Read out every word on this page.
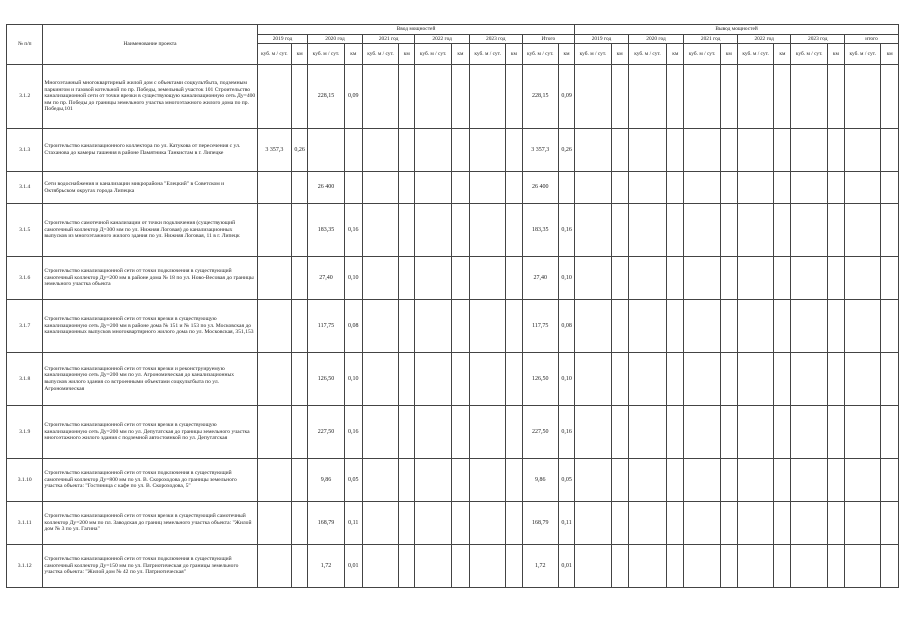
№ п/п	Наименование проекта	Ввод мощностей												Вывод мощностей											
		2019 год		2020 год		2021 год		2022 год		2023 год		Итого		2019 год		2020 год		2021 год		2022 год		2023 год		итого	
		куб. м / сут.	км	куб. м / сут.	км	куб. м / сут.	км	куб. м / сут.	км	куб. м / сут.	км	куб. м / сут.	км	куб. м / сут.	км	куб. м / сут.	км	куб. м / сут.	км	куб. м / сут.	км	куб. м / сут.	км	куб. м / сут.	км
3.1.2	Многоэтажный многоквартирный жилой дом с объектами соцкультбыта, подземным паркингом и газовой котельной по пр. Победы, земельный участок 101 Строительство канализационной сети от точки врезки в существующую канализационную сеть Ду=400 мм по пр. Победы до границы земельного участка многоэтажного жилого дома по пр. Победы,101			228,15	0,09							228,15	0,09												
3.1.3	Строительство канализационного коллектора по ул. Катукова от пересечения с ул. Стаханова до камеры гашения в районе Памятника Танкистам в г. Липецке	3 357,3	0,26									3 357,3	0,26												
3.1.4	Сети водоснабжения и канализации микрорайона "Елецкий" в Советском и Октябрьском округах города Липецка			26 400								26 400													
3.1.5	Строительство самотечной канализации от точки подключения (существующий самотечный коллектор Д=300 мм по ул. Нижняя Логовая) до канализационных выпусков из многоэтажного жилого здания по ул. Нижняя Логовая, 11 в г. Липецк			183,35	0,16							183,35	0,16												
3.1.6	Строительство канализационной сети от точки подключения в существующий самотечный коллектор Ду=200 мм в районе дома № 18 по ул. Ново-Весовая до границы земельного участка объекта			27,40	0,10							27,40	0,10												
3.1.7	Строительство канализационной сети от точки врезки в существующую канализационную сеть Ду=200 мм в районе дома № 151 и № 153 по ул. Московская до канализационных выпусков многоквартирного жилого дома по ул. Московская, 351,153			117,75	0,08							117,75	0,08												
3.1.8	Строительство канализационной сети от точки врезки и реконструируемую канализационную сеть Ду=200 мм по ул. Агрономическая до канализационных выпусков жилого здания со встроенными объектами соцкультбыта по ул. Агрономическая			126,50	0,10							126,50	0,10												
3.1.9	Строительство канализационной сети от точки врезки в существующую канализационную сеть Ду=200 мм по ул. Депутатская до границы земельного участка многоэтажного жилого здания с подземной автостоянкой по ул. Депутатская			227,50	0,16							227,50	0,16												
3.1.10	Строительство канализационной сети от точки подключения в существующий самотечный коллектор Ду=800 мм по ул. В. Скороходова до границы земельного участка объекта: "Гостиница с кафе по ул. В. Скороходова, 5"			9,86	0,05							9,86	0,05												
3.1.11	Строительство канализационной сети от точки врезки в существующий самотечный коллектор Ду=200 мм по пл. Заводская до границ земельного участка объекта: "Жилой дом № 3 по ул. Гагина"			168,79	0,11							168,79	0,11												
3.1.12	Строительство канализационной сети от точки подключения в существующий самотечный коллектор Ду=150 мм по ул. Патриотическая до границы земельного участка объекта: "Жилой дом № 42 по ул. Патриотическая"			1,72	0,01							1,72	0,01												
